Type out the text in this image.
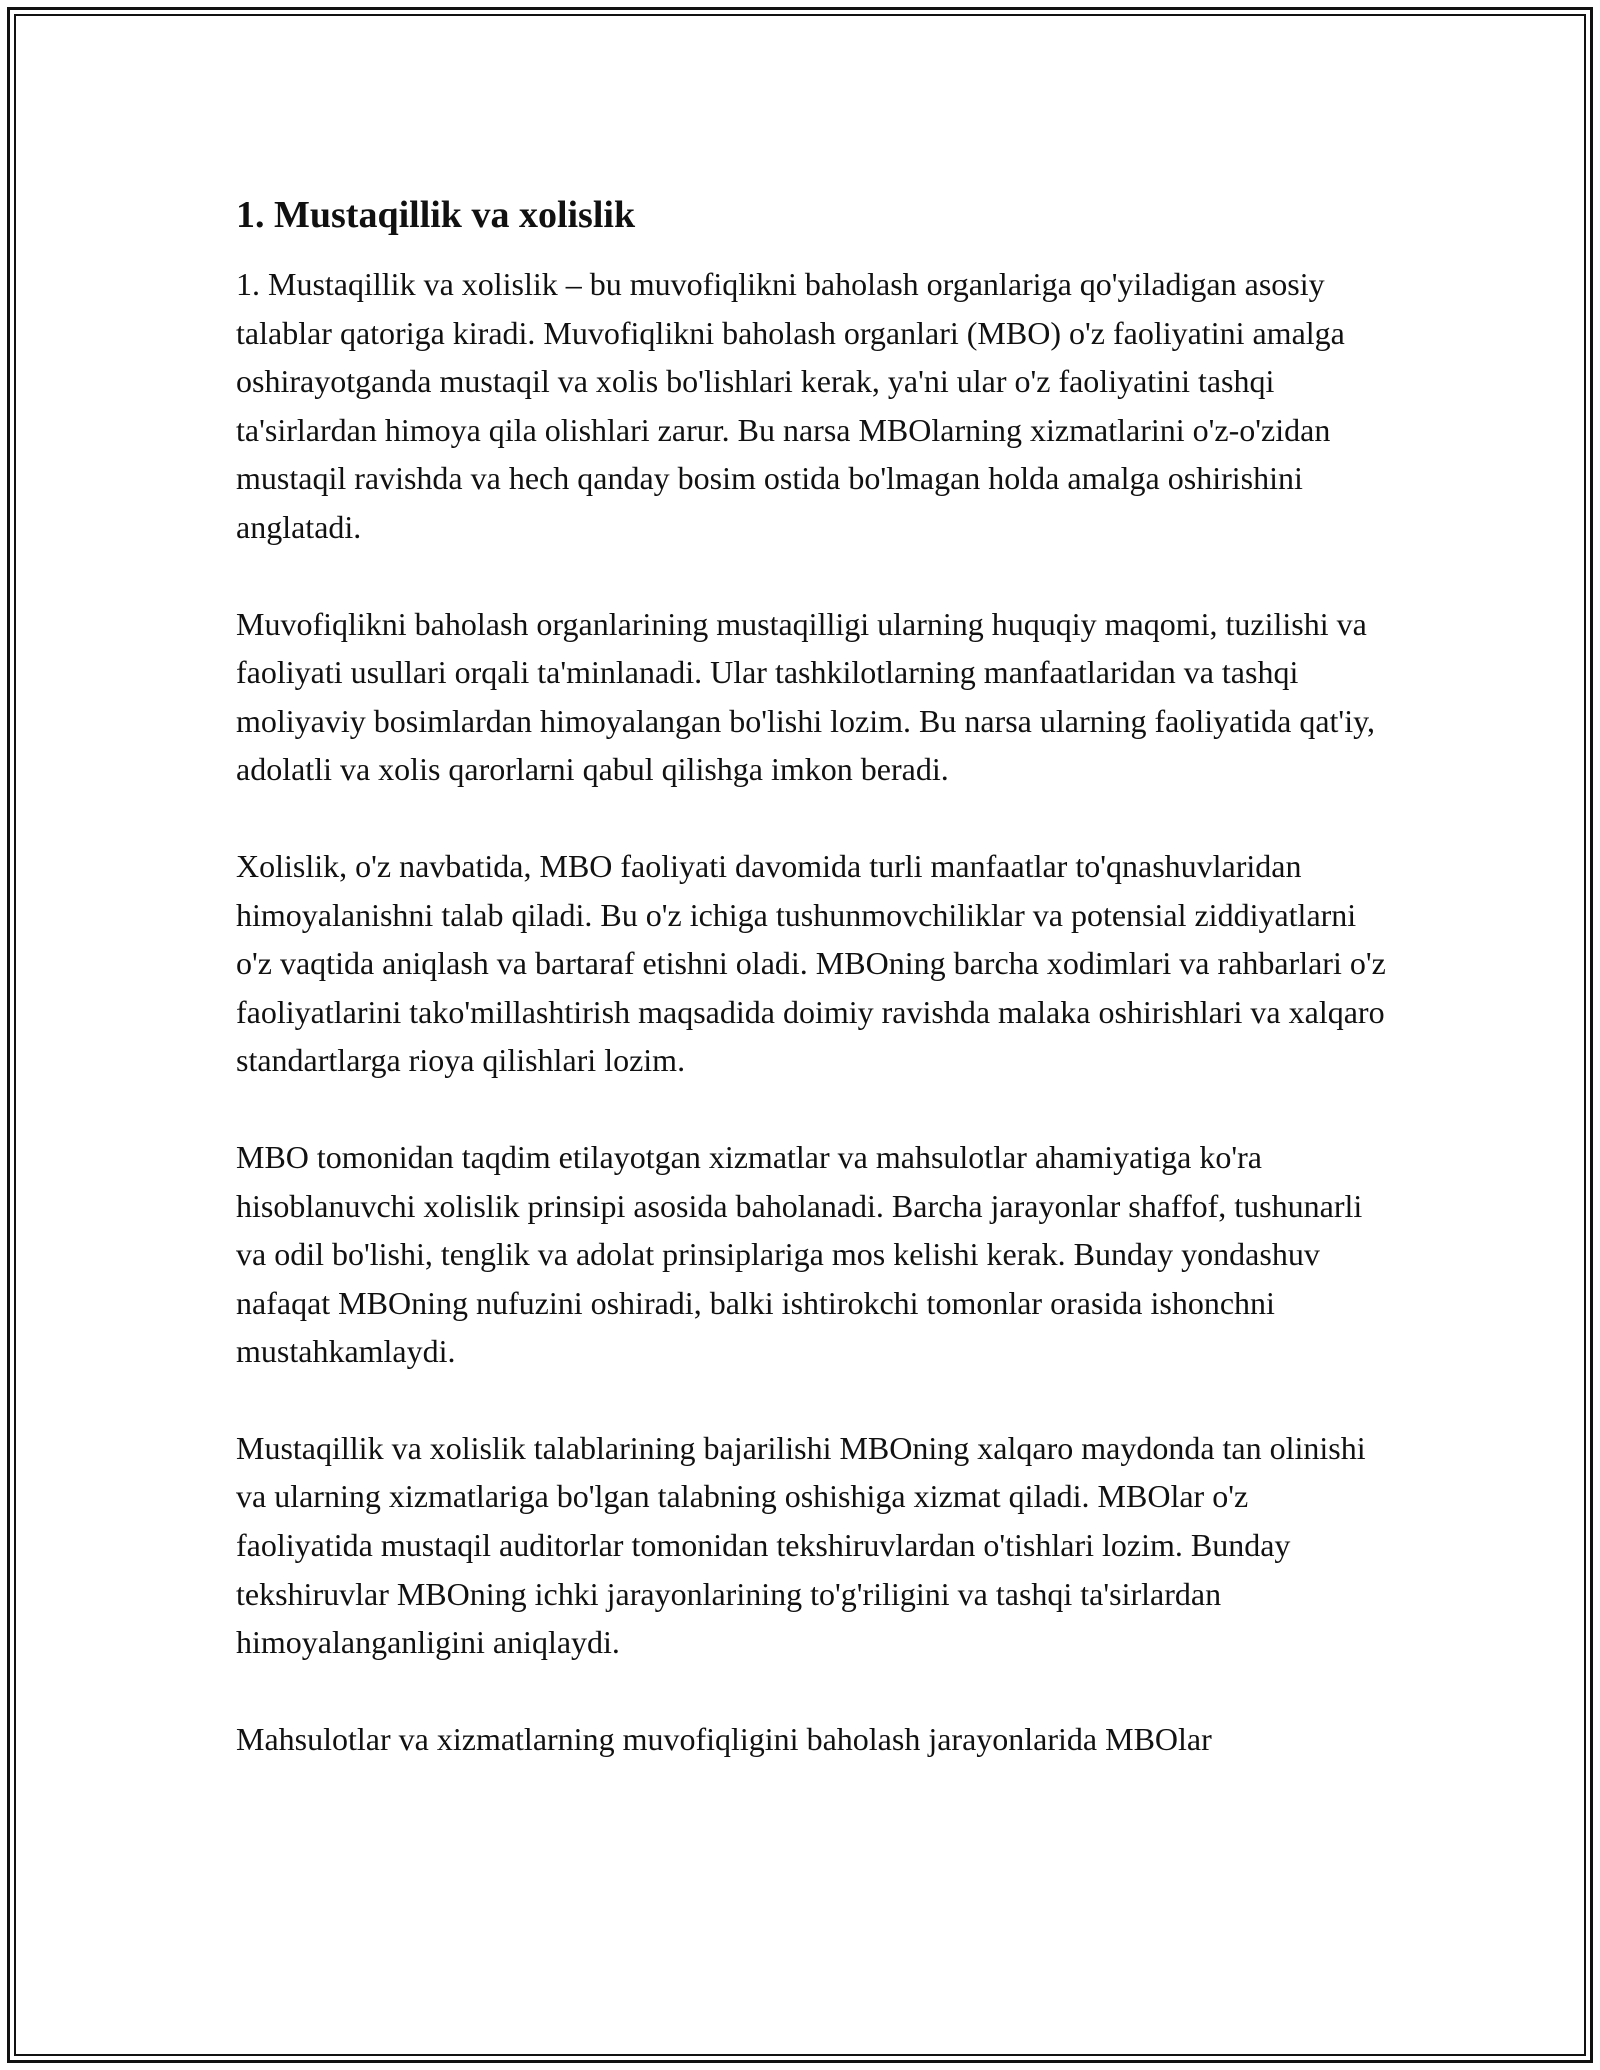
1. Mustaqillik va xolislik

1. Mustaqillik va xolislik – bu muvofiqlikni baholash organlariga qo'yiladigan asosiy talablar qatoriga kiradi. Muvofiqlikni baholash organlari (MBO) o'z faoliyatini amalga oshirayotganda mustaqil va xolis bo'lishlari kerak, ya'ni ular o'z faoliyatini tashqi ta'sirlardan himoya qila olishlari zarur. Bu narsa MBOlarning xizmatlarini o'z-o'zidan mustaqil ravishda va hech qanday bosim ostida bo'lmagan holda amalga oshirishini anglatadi.

Muvofiqlikni baholash organlarining mustaqilligi ularning huquqiy maqomi, tuzilishi va faoliyati usullari orqali ta'minlanadi. Ular tashkilotlarning manfaatlaridan va tashqi moliyaviy bosimlardan himoyalangan bo'lishi lozim. Bu narsa ularning faoliyatida qat'iy, adolatli va xolis qarorlarni qabul qilishga imkon beradi.

Xolislik, o'z navbatida, MBO faoliyati davomida turli manfaatlar to'qnashuvlaridan himoyalanishni talab qiladi. Bu o'z ichiga tushunmovchiliklar va potensial ziddiyatlarni o'z vaqtida aniqlash va bartaraf etishni oladi. MBOning barcha xodimlari va rahbarlari o'z faoliyatlarini tako'millashtirish maqsadida doimiy ravishda malaka oshirishlari va xalqaro standartlarga rioya qilishlari lozim.

MBO tomonidan taqdim etilayotgan xizmatlar va mahsulotlar ahamiyatiga ko'ra hisoblanuvchi xolislik prinsipi asosida baholanadi. Barcha jarayonlar shaffof, tushunarli va odil bo'lishi, tenglik va adolat prinsiplariga mos kelishi kerak. Bunday yondashuv nafaqat MBOning nufuzini oshiradi, balki ishtirokchi tomonlar orasida ishonchni mustahkamlaydi.

Mustaqillik va xolislik talablarining bajarilishi MBOning xalqaro maydonda tan olinishi va ularning xizmatlariga bo'lgan talabning oshishiga xizmat qiladi. MBOlar o'z faoliyatida mustaqil auditorlar tomonidan tekshiruvlardan o'tishlari lozim. Bunday tekshiruvlar MBOning ichki jarayonlarining to'g'riligini va tashqi ta'sirlardan himoyalanganligini aniqlaydi.

Mahsulotlar va xizmatlarning muvofiqligini baholash jarayonlarida MBOlar
